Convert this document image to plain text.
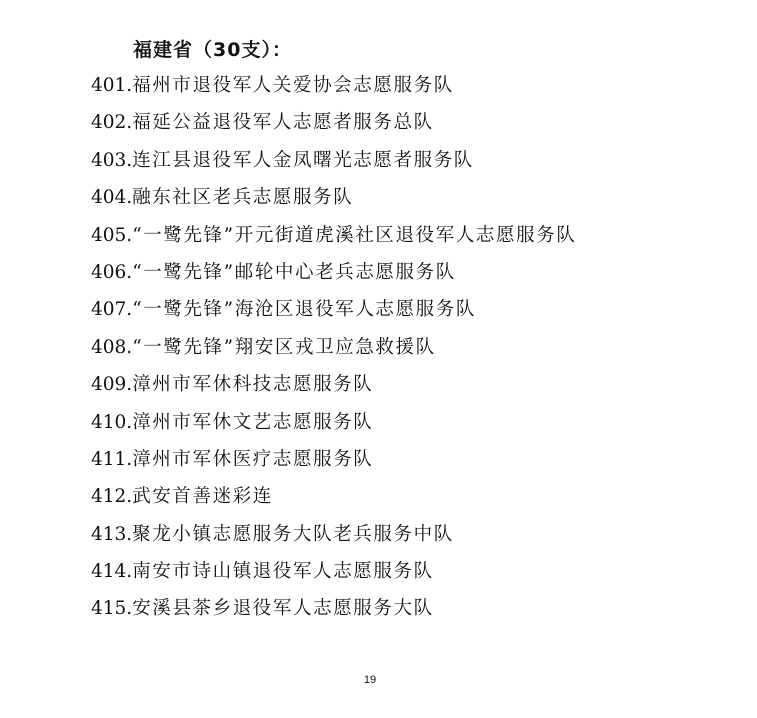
福建省（30支）：
401.福州市退役军人关爱协会志愿服务队
402.福延公益退役军人志愿者服务总队
403.连江县退役军人金凤曙光志愿者服务队
404.融东社区老兵志愿服务队
405.“一鹭先锋”开元街道虎溪社区退役军人志愿服务队
406.“一鹭先锋”邮轮中心老兵志愿服务队
407.“一鹭先锋”海沧区退役军人志愿服务队
408.“一鹭先锋”翔安区戎卫应急救援队
409.漳州市军休科技志愿服务队
410.漳州市军休文艺志愿服务队
411.漳州市军休医疗志愿服务队
412.武安首善迷彩连
413.聚龙小镇志愿服务大队老兵服务中队
414.南安市诗山镇退役军人志愿服务队
415.安溪县茶乡退役军人志愿服务大队
19
